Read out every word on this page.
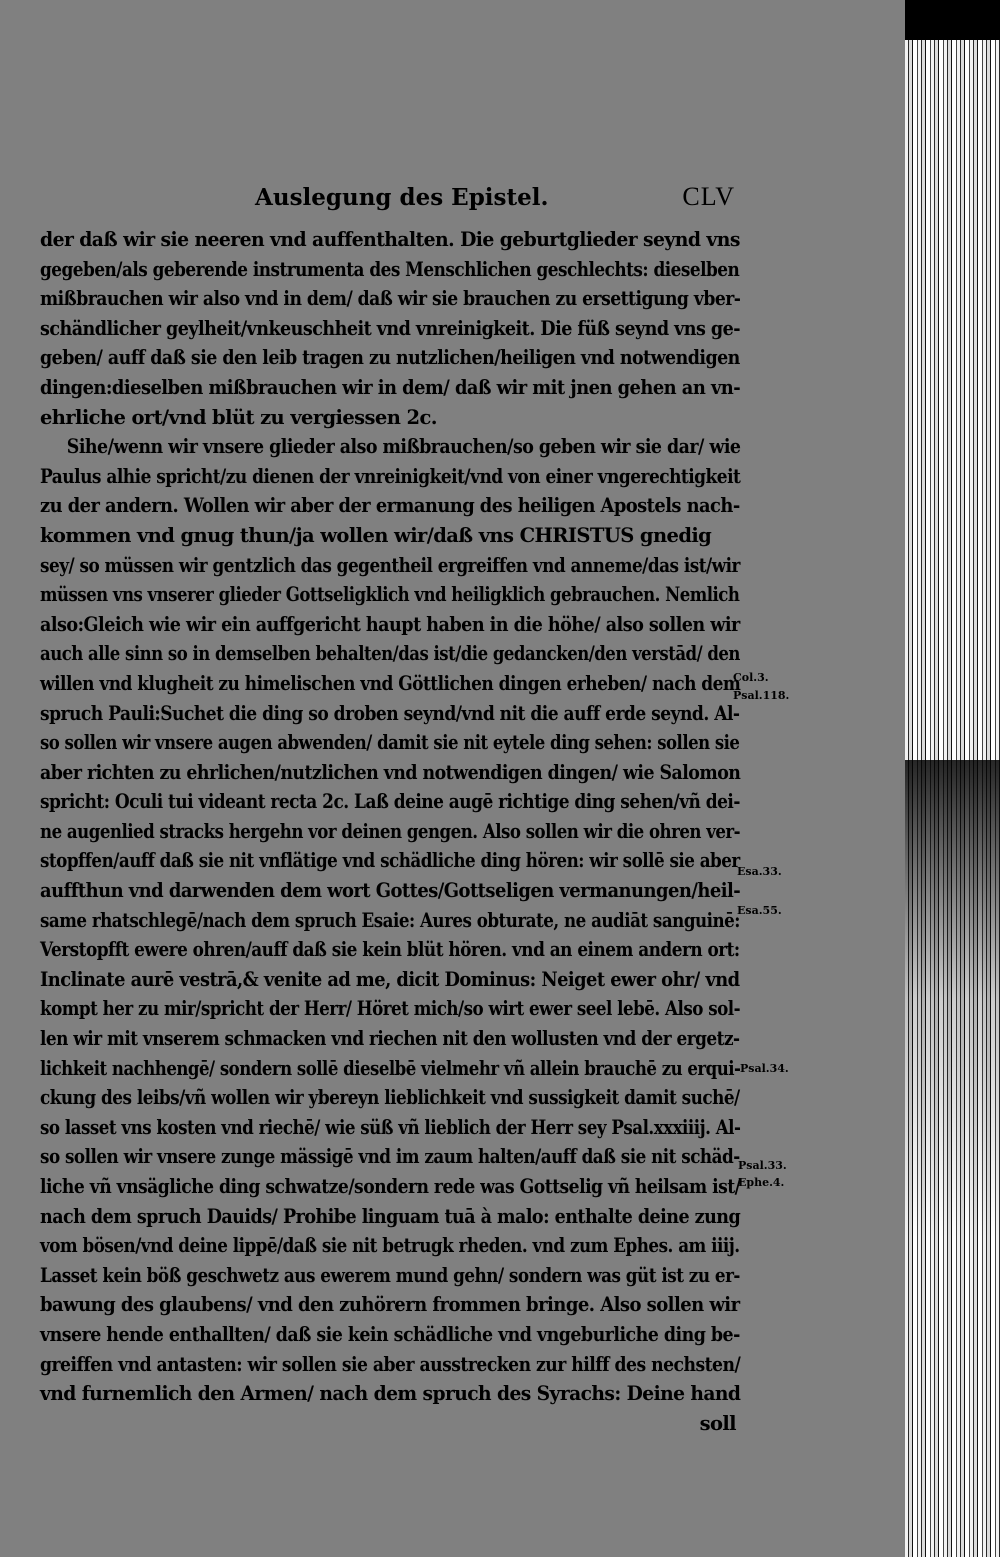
Auslegung des Epistel.	CLV
der daß wir sie neeren vnd auffenthalten. Die geburtglieder seynd vns
gegeben/als geberende instrumenta des Menschlichen geschlechts: dieselben
mißbrauchen wir also vnd in dem/ daß wir sie brauchen zu ersettigung vber-
schändlicher geylheit/vnkeuschheit vnd vnreinigkeit. Die füß seynd vns ge-
geben/ auff daß sie den leib tragen zu nutzlichen/heiligen vnd notwendigen
dingen:dieselben mißbrauchen wir in dem/ daß wir mit jnen gehen an vn-
ehrliche ort/vnd blüt zu vergiessen 2c.
Sihe/wenn wir vnsere glieder also mißbrauchen/so geben wir sie dar/ wie
Paulus alhie spricht/zu dienen der vnreinigkeit/vnd von einer vngerechtigkeit
zu der andern. Wollen wir aber der ermanung des heiligen Apostels nach-
kommen vnd gnug thun/ja wollen wir/daß vns CHRISTUS gnedig
sey/ so müssen wir gentzlich das gegentheil ergreiffen vnd anneme/das ist/wir
müssen vns vnserer glieder Gottseligklich vnd heiligklich gebrauchen. Nemlich
also:Gleich wie wir ein auffgericht haupt haben in die höhe/ also sollen wir
auch alle sinn so in demselben behalten/das ist/die gedancken/den verstād/ den
willen vnd klugheit zu himelischen vnd Göttlichen dingen erheben/ nach dem
spruch Pauli:Suchet die ding so droben seynd/vnd nit die auff erde seynd. Al-
so sollen wir vnsere augen abwenden/ damit sie nit eytele ding sehen: sollen sie
aber richten zu ehrlichen/nutzlichen vnd notwendigen dingen/ wie Salomon
spricht: Oculi tui videant recta 2c. Laß deine augē richtige ding sehen/vñ dei-
ne augenlied stracks hergehn vor deinen gengen. Also sollen wir die ohren ver-
stopffen/auff daß sie nit vnflätige vnd schädliche ding hören: wir sollē sie aber
auffthun vnd darwenden dem wort Gottes/Gottseligen vermanungen/heil-
same rhatschlegē/nach dem spruch Esaie: Aures obturate, ne audiāt sanguinē:
Verstopfft ewere ohren/auff daß sie kein blüt hören. vnd an einem andern ort:
Inclinate aurē vestrā,& venite ad me, dicit Dominus: Neiget ewer ohr/ vnd
kompt her zu mir/spricht der Herr/ Höret mich/so wirt ewer seel lebē. Also sol-
len wir mit vnserem schmacken vnd riechen nit den wollusten vnd der ergetz-
lichkeit nachhengē/ sondern sollē dieselbē vielmehr vñ allein brauchē zu erqui-
ckung des leibs/vñ wollen wir ybereyn lieblichkeit vnd sussigkeit damit suchē/
so lasset vns kosten vnd riechē/ wie süß vñ lieblich der Herr sey Psal.xxxiiij. Al-
so sollen wir vnsere zunge mässigē vnd im zaum halten/auff daß sie nit schäd-
liche vñ vnsägliche ding schwatze/sondern rede was Gottselig vñ heilsam ist/
nach dem spruch Dauids/ Prohibe linguam tuā à malo: enthalte deine zung
vom bösen/vnd deine lippē/daß sie nit betrugk rheden. vnd zum Ephes. am iiij.
Lasset kein böß geschwetz aus ewerem mund gehn/ sondern was güt ist zu er-
bawung des glaubens/ vnd den zuhörern frommen bringe. Also sollen wir
vnsere hende enthallten/ daß sie kein schädliche vnd vngeburliche ding be-
greiffen vnd antasten: wir sollen sie aber ausstrecken zur hilff des nechsten/
vnd furnemlich den Armen/ nach dem spruch des Syrachs: Deine hand
soll
Col.3.
Psal.118.
Esa.33.
Esa.55.
Psal.34.
Psal.33.
Ephe.4.
